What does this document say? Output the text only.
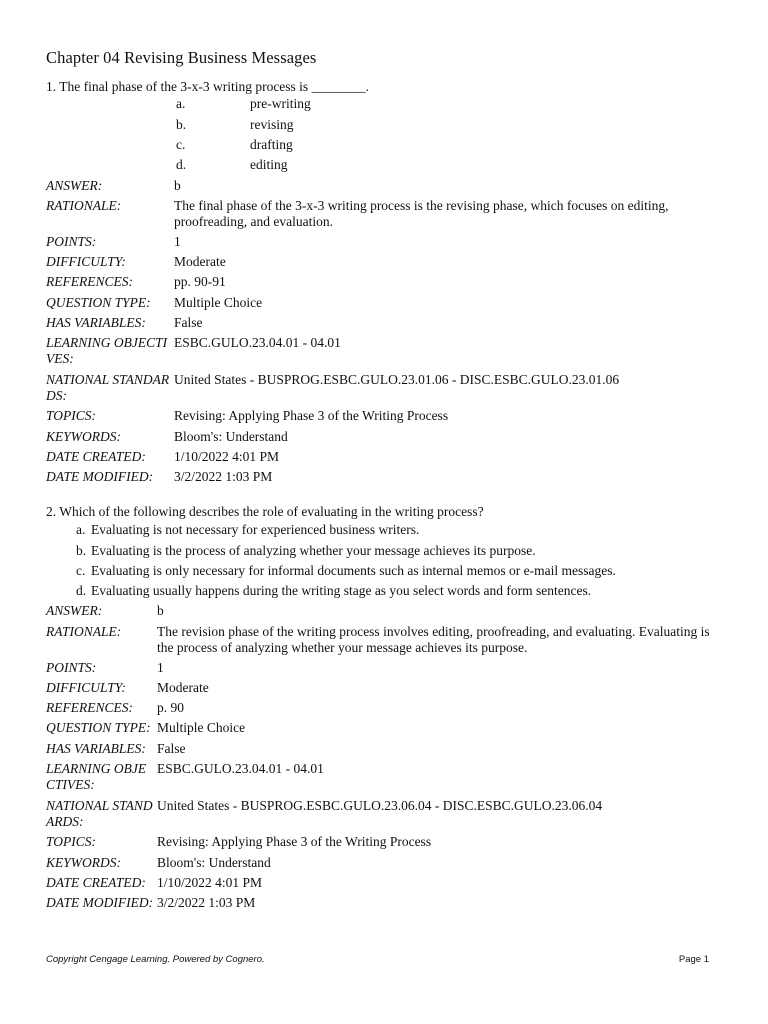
Chapter 04 Revising Business Messages
1. The final phase of the 3-x-3 writing process is ________.
a.	pre-writing
b.	revising
c.	drafting
d.	editing
ANSWER:	b
RATIONALE:	The final phase of the 3-x-3 writing process is the revising phase, which focuses on editing, proofreading, and evaluation.
POINTS:	1
DIFFICULTY:	Moderate
REFERENCES:	pp. 90-91
QUESTION TYPE: Multiple Choice
HAS VARIABLES: False
LEARNING OBJECTI
VES:
ESBC.GULO.23.04.01 - 04.01
NATIONAL STANDAR
DS:
United States - BUSPROG.ESBC.GULO.23.01.06 - DISC.ESBC.GULO.23.01.06
TOPICS:	Revising: Applying Phase 3 of the Writing Process
KEYWORDS:	Bloom's: Understand
DATE CREATED: 1/10/2022 4:01 PM
DATE MODIFIED: 3/2/2022 1:03 PM
2. Which of the following describes the role of evaluating in the writing process?
a. Evaluating is not necessary for experienced business writers.
b. Evaluating is the process of analyzing whether your message achieves its purpose.
c. Evaluating is only necessary for informal documents such as internal memos or e-mail messages.
d. Evaluating usually happens during the writing stage as you select words and form sentences.
ANSWER:	b
RATIONALE:	The revision phase of the writing process involves editing, proofreading, and evaluating. Evaluating is the process of analyzing whether your message achieves its purpose.
POINTS:	1
DIFFICULTY: Moderate
REFERENCES: p. 90
QUESTION TYPE: Multiple Choice
HAS VARIABLES: False
LEARNING OBJE
CTIVES:
ESBC.GULO.23.04.01 - 04.01
NATIONAL STAND
ARDS:
United States - BUSPROG.ESBC.GULO.23.06.04 - DISC.ESBC.GULO.23.06.04
TOPICS:	Revising: Applying Phase 3 of the Writing Process
KEYWORDS:	Bloom's: Understand
DATE CREATED: 1/10/2022 4:01 PM
DATE MODIFIED: 3/2/2022 1:03 PM
Copyright Cengage Learning. Powered by Cognero.	Page 1
